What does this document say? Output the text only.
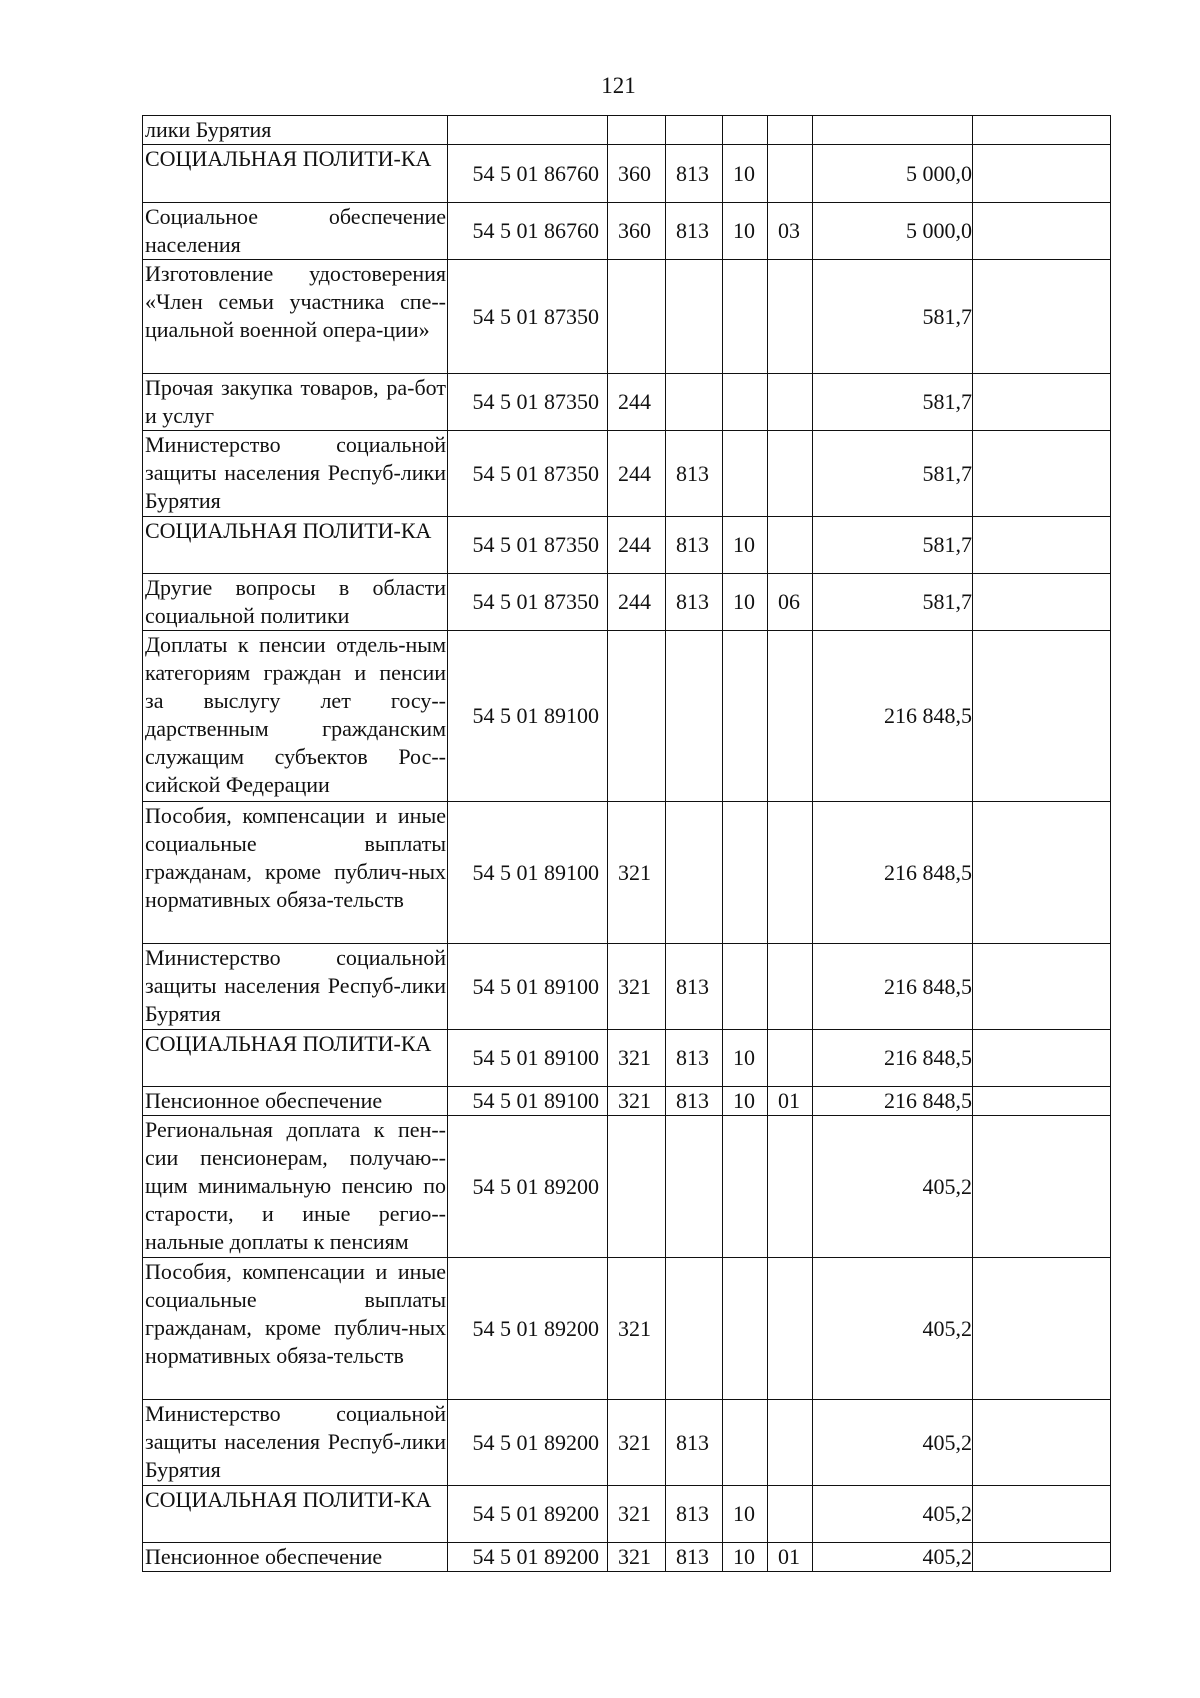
121
лики Бурятия							
СОЦИАЛЬНАЯ ПОЛИТИ-КА	54 5 01 86760	360	813	10		5 000,0	
Социальное обеспечение населения	54 5 01 86760	360	813	10	03	5 000,0	
Изготовление удостоверения «Член семьи участника спе-циальной военной опера-ции»	54 5 01 87350					581,7	
Прочая закупка товаров, ра-бот и услуг	54 5 01 87350	244				581,7	
Министерство социальной защиты населения Респуб-лики Бурятия	54 5 01 87350	244	813			581,7	
СОЦИАЛЬНАЯ ПОЛИТИ-КА	54 5 01 87350	244	813	10		581,7	
Другие вопросы в области социальной политики	54 5 01 87350	244	813	10	06	581,7	
Доплаты к пенсии отдель-ным категориям граждан и пенсии за выслугу лет госу-дарственным гражданским служащим субъектов Рос-сийской Федерации	54 5 01 89100					216 848,5	
Пособия, компенсации и иные социальные выплаты гражданам, кроме публич-ных нормативных обяза-тельств	54 5 01 89100	321				216 848,5	
Министерство социальной защиты населения Респуб-лики Бурятия	54 5 01 89100	321	813			216 848,5	
СОЦИАЛЬНАЯ ПОЛИТИ-КА	54 5 01 89100	321	813	10		216 848,5	
Пенсионное обеспечение	54 5 01 89100	321	813	10	01	216 848,5	
Региональная доплата к пен-сии пенсионерам, получаю-щим минимальную пенсию по старости, и иные регио-нальные доплаты к пенсиям	54 5 01 89200					405,2	
Пособия, компенсации и иные социальные выплаты гражданам, кроме публич-ных нормативных обяза-тельств	54 5 01 89200	321				405,2	
Министерство социальной защиты населения Респуб-лики Бурятия	54 5 01 89200	321	813			405,2	
СОЦИАЛЬНАЯ ПОЛИТИ-КА	54 5 01 89200	321	813	10		405,2	
Пенсионное обеспечение	54 5 01 89200	321	813	10	01	405,2	
